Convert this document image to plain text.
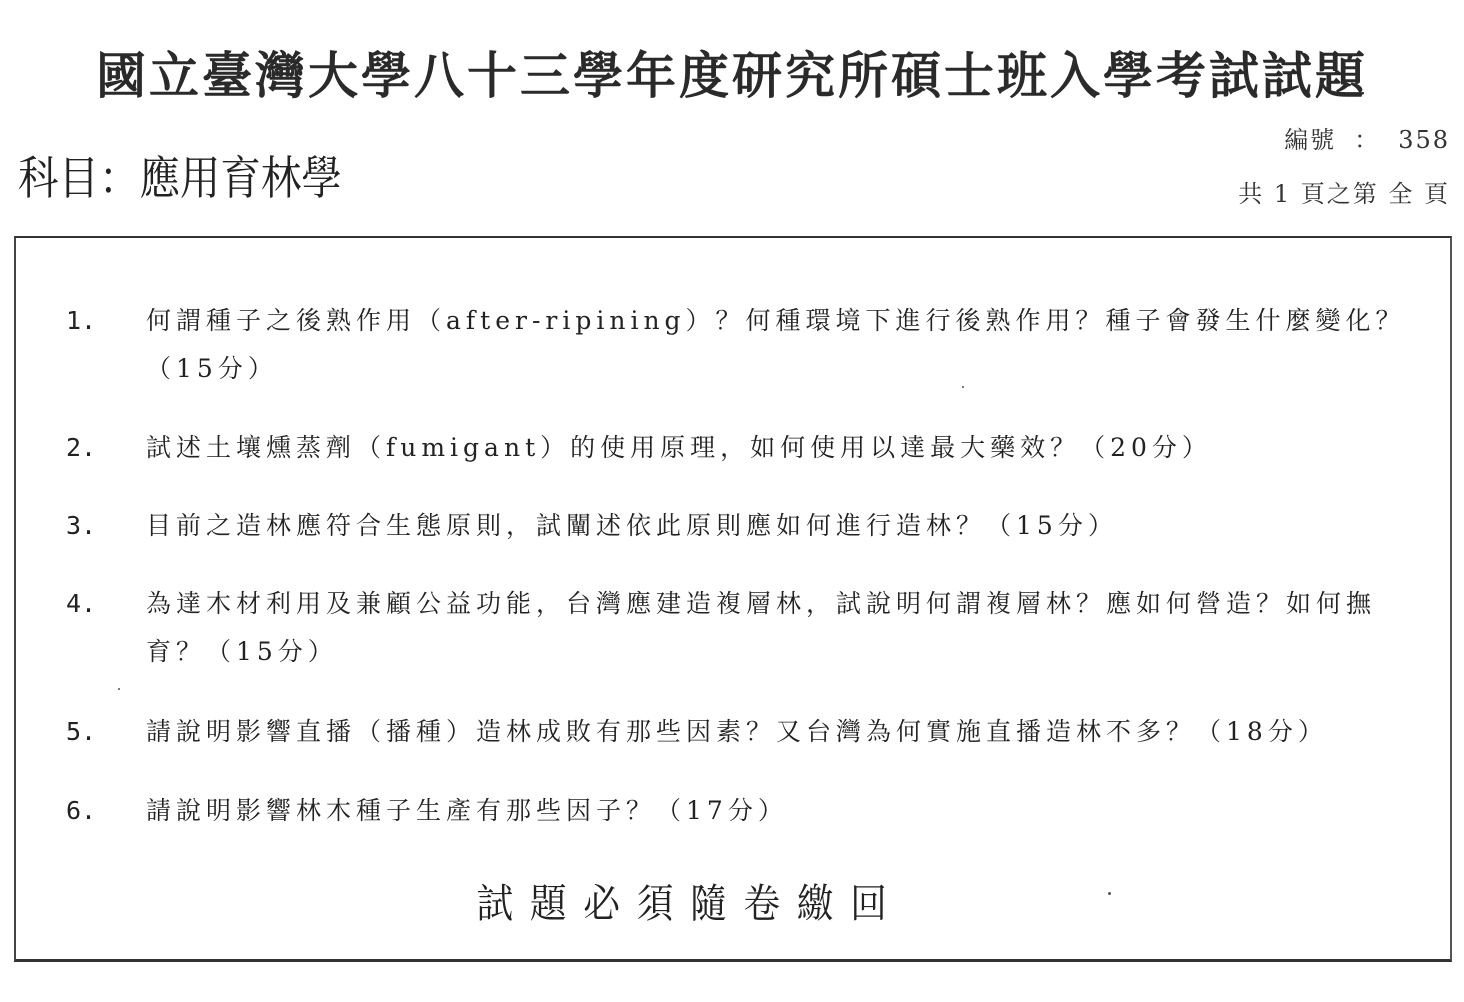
國立臺灣大學八十三學年度研究所碩士班入學考試試題
科目：應用育林學
編號 ： 358
共 1 頁之第 全 頁
1. 何謂種子之後熟作用（after-ripining）？何種環境下進行後熟作用？種子會發生什麼變化？（15分）
2. 試述土壤燻蒸劑（fumigant）的使用原理，如何使用以達最大藥效？（20分）
3. 目前之造林應符合生態原則，試闡述依此原則應如何進行造林？（15分）
4. 為達木材利用及兼顧公益功能，台灣應建造複層林，試說明何謂複層林？應如何營造？如何撫育？（15分）
5. 請說明影響直播（播種）造林成敗有那些因素？又台灣為何實施直播造林不多？（18分）
6. 請說明影響林木種子生產有那些因子？（17分）
試題必須隨卷繳回
